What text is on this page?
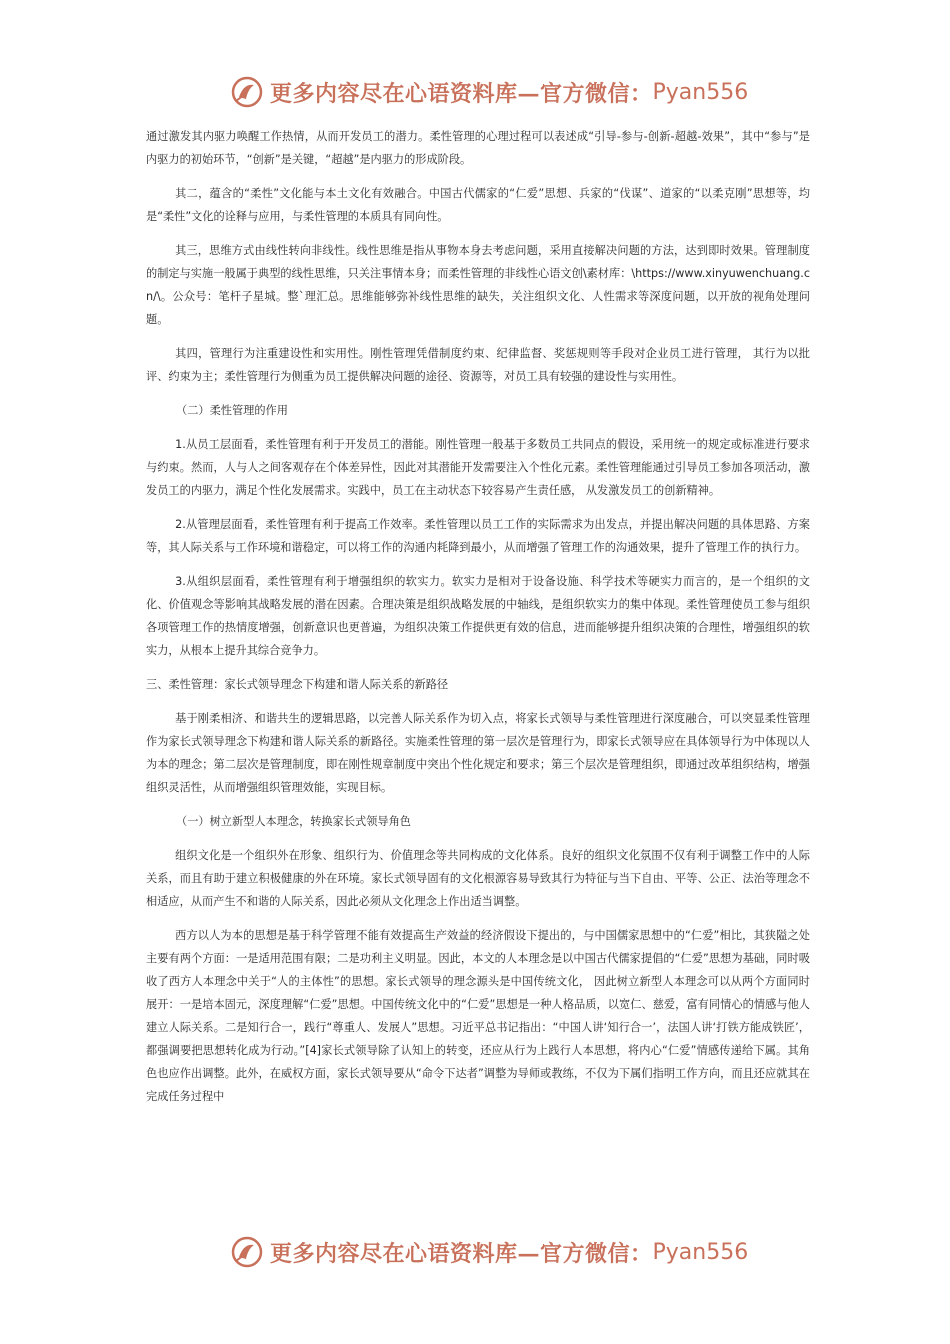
更多内容尽在心语资料库—官方微信： Pyan556

通过激发其内驱力唤醒工作热情，从而开发员工的潜力。柔性管理的心理过程可以表述成“引导-参与-创新-超越-效果”，其中“参与”是内驱力的初始环节，“创新”是关键，“超越”是内驱力的形成阶段。

其二，蕴含的“柔性”文化能与本土文化有效融合。中国古代儒家的“仁爱”思想、兵家的“伐谋”、道家的“以柔克刚”思想等，均是“柔性”文化的诠释与应用，与柔性管理的本质具有同向性。

其三，思维方式由线性转向非线性。线性思维是指从事物本身去考虑问题，采用直接解决问题的方法，达到即时效果。管理制度的制定与实施一般属于典型的线性思维，只关注事情本身；而柔性管理的非线性心语文创\素材库：\https://www.xinyuwenchuang.cn/\。公众号：笔杆子星城。整`理汇总。思维能够弥补线性思维的缺失，关注组织文化、人性需求等深度问题，以开放的视角处理问题。

其四，管理行为注重建设性和实用性。刚性管理凭借制度约束、纪律监督、奖惩规则等手段对企业员工进行管理， 其行为以批评、约束为主；柔性管理行为侧重为员工提供解决问题的途径、资源等，对员工具有较强的建设性与实用性。

（二）柔性管理的作用

1.从员工层面看，柔性管理有利于开发员工的潜能。刚性管理一般基于多数员工共同点的假设，采用统一的规定或标准进行要求与约束。然而，人与人之间客观存在个体差异性，因此对其潜能开发需要注入个性化元素。柔性管理能通过引导员工参加各项活动，激发员工的内驱力，满足个性化发展需求。实践中，员工在主动状态下较容易产生责任感， 从发激发员工的创新精神。

2.从管理层面看，柔性管理有利于提高工作效率。柔性管理以员工工作的实际需求为出发点，并提出解决问题的具体思路、方案等，其人际关系与工作环境和谐稳定，可以将工作的沟通内耗降到最小，从而增强了管理工作的沟通效果，提升了管理工作的执行力。

3.从组织层面看，柔性管理有利于增强组织的软实力。软实力是相对于设备设施、科学技术等硬实力而言的，是一个组织的文化、价值观念等影响其战略发展的潜在因素。合理决策是组织战略发展的中轴线，是组织软实力的集中体现。柔性管理使员工参与组织各项管理工作的热情度增强，创新意识也更普遍，为组织决策工作提供更有效的信息，进而能够提升组织决策的合理性，增强组织的软实力，从根本上提升其综合竞争力。

三、柔性管理：家长式领导理念下构建和谐人际关系的新路径

基于刚柔相济、和谐共生的逻辑思路，以完善人际关系作为切入点，将家长式领导与柔性管理进行深度融合，可以突显柔性管理作为家长式领导理念下构建和谐人际关系的新路径。实施柔性管理的第一层次是管理行为，即家长式领导应在具体领导行为中体现以人为本的理念；第二层次是管理制度，即在刚性规章制度中突出个性化规定和要求；第三个层次是管理组织，即通过改革组织结构，增强组织灵活性，从而增强组织管理效能，实现目标。

（一）树立新型人本理念，转换家长式领导角色

组织文化是一个组织外在形象、组织行为、价值理念等共同构成的文化体系。良好的组织文化氛围不仅有利于调整工作中的人际关系，而且有助于建立积极健康的外在环境。家长式领导固有的文化根源容易导致其行为特征与当下自由、平等、公正、法治等理念不相适应，从而产生不和谐的人际关系，因此必须从文化理念上作出适当调整。

西方以人为本的思想是基于科学管理不能有效提高生产效益的经济假设下提出的，与中国儒家思想中的“仁爱”相比，其狭隘之处主要有两个方面：一是适用范围有限；二是功利主义明显。因此，本文的人本理念是以中国古代儒家提倡的“仁爱”思想为基础，同时吸收了西方人本理念中关于“人的主体性”的思想。家长式领导的理念源头是中国传统文化， 因此树立新型人本理念可以从两个方面同时展开：一是培本固元，深度理解“仁爱”思想。中国传统文化中的“仁爱”思想是一种人格品质，以宽仁、慈爱，富有同情心的情感与他人建立人际关系。二是知行合一，践行“尊重人、发展人”思想。习近平总书记指出：“中国人讲‘知行合一’，法国人讲‘打铁方能成铁匠’，都强调要把思想转化成为行动。”[4]家长式领导除了认知上的转变，还应从行为上践行人本思想，将内心“仁爱”情感传递给下属。其角色也应作出调整。此外，在威权方面，家长式领导要从“命令下达者”调整为导师或教练，不仅为下属们指明工作方向，而且还应就其在完成任务过程中

更多内容尽在心语资料库—官方微信： Pyan556
